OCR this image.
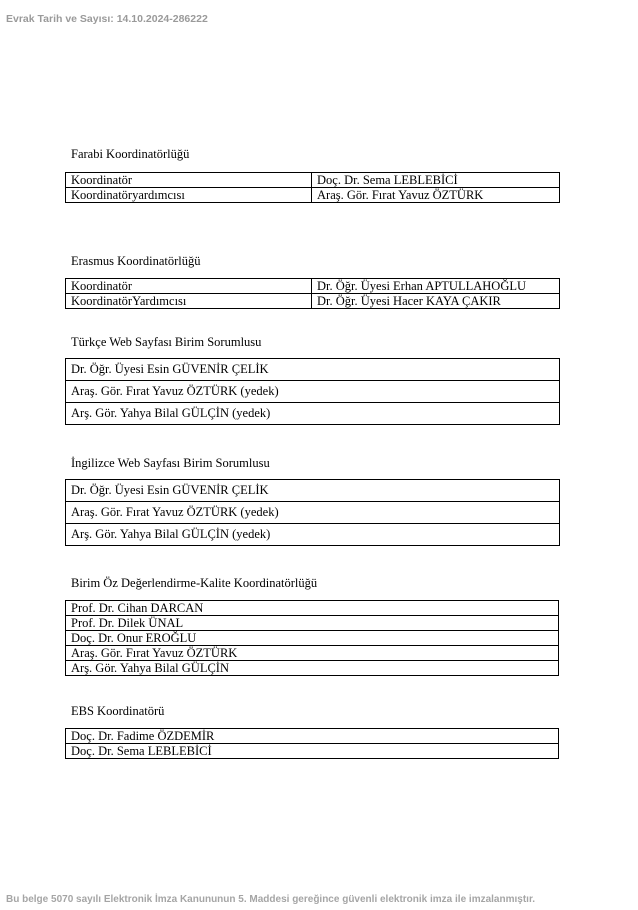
Evrak Tarih ve Sayısı: 14.10.2024-286222
Farabi Koordinatörlüğü
Koordinatör	Doç. Dr. Sema LEBLEBİCİ
Koordinatöryardımcısı	Araş. Gör. Fırat Yavuz ÖZTÜRK
Erasmus Koordinatörlüğü
Koordinatör	Dr. Öğr. Üyesi Erhan APTULLAHOĞLU
KoordinatörYardımcısı	Dr. Öğr. Üyesi Hacer KAYA ÇAKIR
Türkçe Web Sayfası Birim Sorumlusu
Dr. Öğr. Üyesi Esin GÜVENİR ÇELİK
Araş. Gör. Fırat Yavuz ÖZTÜRK (yedek)
Arş. Gör. Yahya Bilal GÜLÇİN (yedek)
İngilizce Web Sayfası Birim Sorumlusu
Dr. Öğr. Üyesi Esin GÜVENİR ÇELİK
Araş. Gör. Fırat Yavuz ÖZTÜRK (yedek)
Arş. Gör. Yahya Bilal GÜLÇİN (yedek)
Birim Öz Değerlendirme-Kalite Koordinatörlüğü
Prof. Dr. Cihan DARCAN
Prof. Dr. Dilek ÜNAL
Doç. Dr. Onur EROĞLU
Araş. Gör. Fırat Yavuz ÖZTÜRK
Arş. Gör. Yahya Bilal GÜLÇİN
EBS Koordinatörü
Doç. Dr. Fadime ÖZDEMİR
Doç. Dr. Sema LEBLEBİCİ
Bu belge 5070 sayılı Elektronik İmza Kanununun 5. Maddesi gereğince güvenli elektronik imza ile imzalanmıştır.
